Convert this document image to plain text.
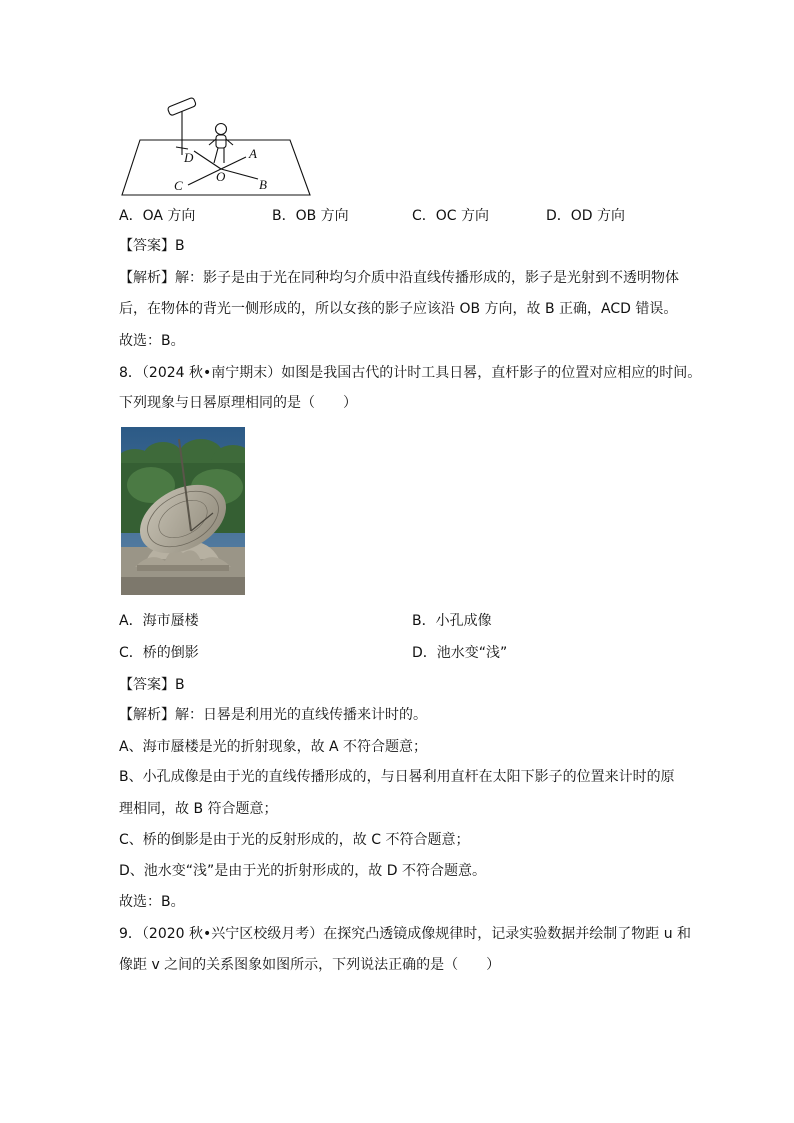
A
B
C
D
O
A．OA 方向	B．OB 方向	C．OC 方向	D．OD 方向
【答案】B
【解析】解：影子是由于光在同种均匀介质中沿直线传播形成的，影子是光射到不透明物体
后，在物体的背光一侧形成的，所以女孩的影子应该沿 OB 方向，故 B 正确，ACD 错误。
故选：B。
8．（2024 秋•南宁期末）如图是我国古代的计时工具日晷，直杆影子的位置对应相应的时间。
下列现象与日晷原理相同的是（　　）
A．海市蜃楼	B．小孔成像
C．桥的倒影	D．池水变“浅”
【答案】B
【解析】解：日晷是利用光的直线传播来计时的。
A、海市蜃楼是光的折射现象，故 A 不符合题意；
B、小孔成像是由于光的直线传播形成的，与日晷利用直杆在太阳下影子的位置来计时的原
理相同，故 B 符合题意；
C、桥的倒影是由于光的反射形成的，故 C 不符合题意；
D、池水变“浅”是由于光的折射形成的，故 D 不符合题意。
故选：B。
9．（2020 秋•兴宁区校级月考）在探究凸透镜成像规律时，记录实验数据并绘制了物距 u 和
像距 v 之间的关系图象如图所示，下列说法正确的是（　　）
